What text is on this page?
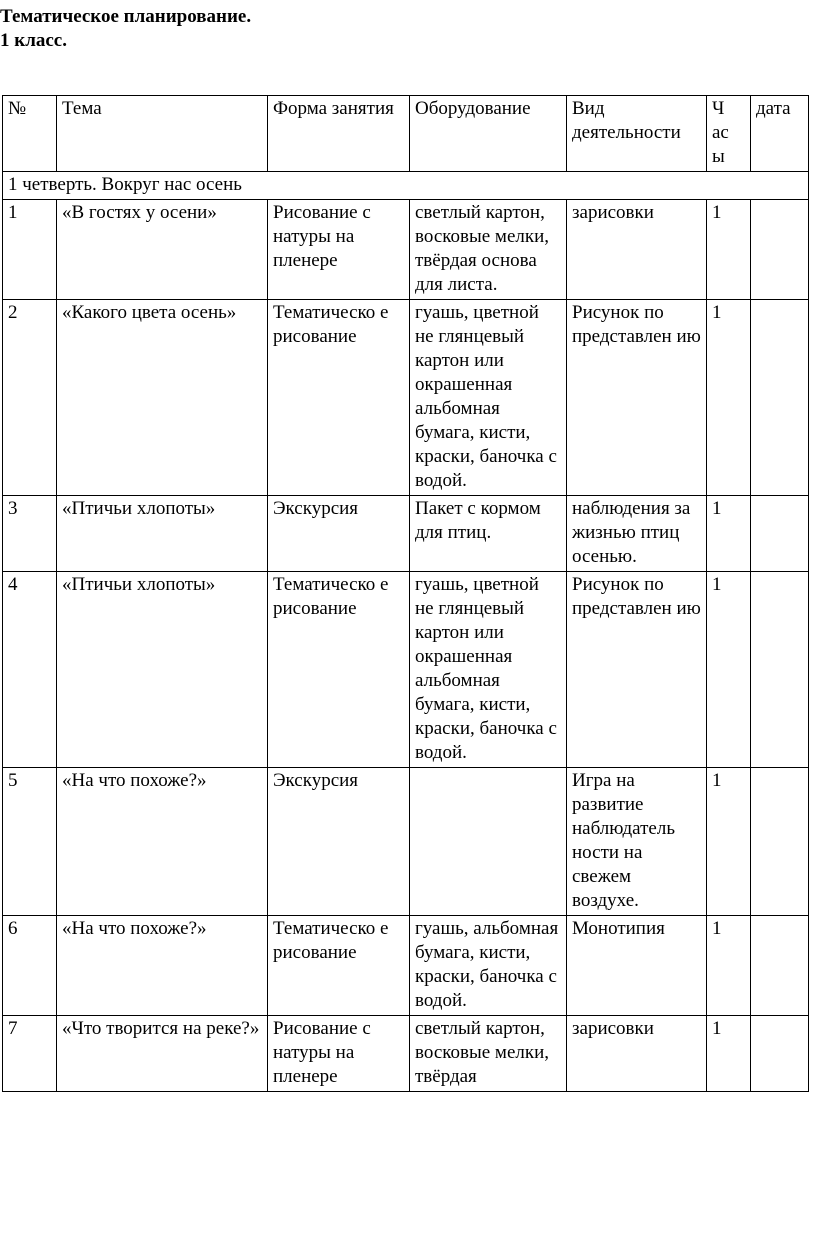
Тематическое планирование.
1 класс.
№	Тема	Форма занятия	Оборудование	Вид деятельности	Ч ас ы	дата
1 четверть. Вокруг нас осень						
1	«В гостях у осени»	Рисование с натуры на пленере	светлый картон, восковые мелки, твёрдая основа для листа.	зарисовки	1	
2	«Какого цвета осень»	Тематическо е рисование	гуашь, цветной не глянцевый картон или окрашенная альбомная бумага, кисти, краски, баночка с водой.	Рисунок по представлен ию	1	
3	«Птичьи хлопоты»	Экскурсия	Пакет с кормом для птиц.	наблюдения за жизнью птиц осенью.	1	
4	«Птичьи хлопоты»	Тематическо е рисование	гуашь, цветной не глянцевый картон или окрашенная альбомная бумага, кисти, краски, баночка с водой.	Рисунок по представлен ию	1	
5	«На что похоже?»	Экскурсия		Игра на развитие наблюдатель ности на свежем воздухе.	1	
6	«На что похоже?»	Тематическо е рисование	гуашь, альбомная бумага, кисти, краски, баночка с водой.	Монотипия	1	
7	«Что творится на реке?»	Рисование с натуры на пленере	светлый картон, восковые мелки, твёрдая	зарисовки	1	
